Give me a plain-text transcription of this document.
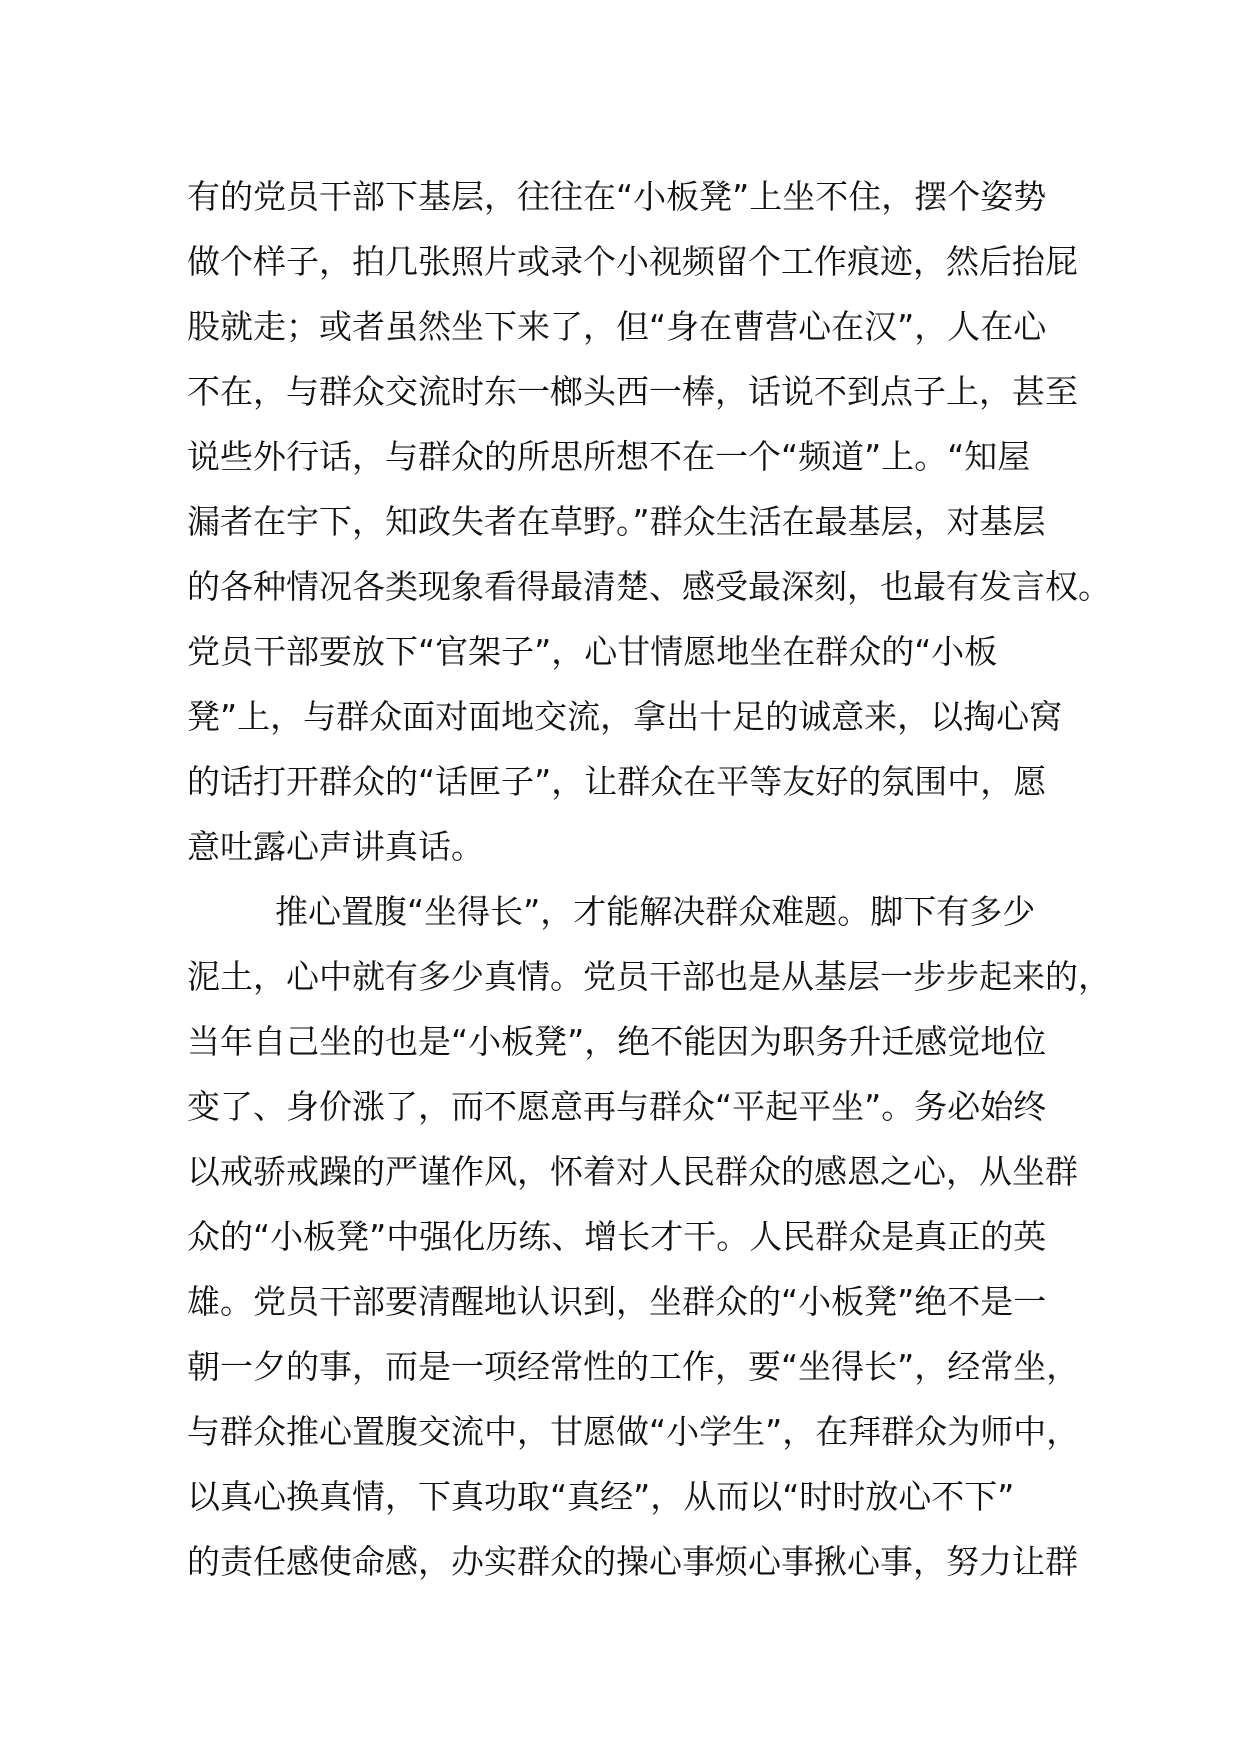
有的党员干部下基层，往往在“小板凳”上坐不住，摆个姿势
做个样子，拍几张照片或录个小视频留个工作痕迹，然后抬屁
股就走；或者虽然坐下来了，但“身在曹营心在汉”，人在心
不在，与群众交流时东一榔头西一棒，话说不到点子上，甚至
说些外行话，与群众的所思所想不在一个“频道”上。“知屋
漏者在宇下，知政失者在草野。”群众生活在最基层，对基层
的各种情况各类现象看得最清楚、感受最深刻，也最有发言权。
党员干部要放下“官架子”，心甘情愿地坐在群众的“小板
凳”上，与群众面对面地交流，拿出十足的诚意来，以掏心窝
的话打开群众的“话匣子”，让群众在平等友好的氛围中，愿
意吐露心声讲真话。
推心置腹“坐得长”，才能解决群众难题。脚下有多少
泥土，心中就有多少真情。党员干部也是从基层一步步起来的，
当年自己坐的也是“小板凳”，绝不能因为职务升迁感觉地位
变了、身价涨了，而不愿意再与群众“平起平坐”。务必始终
以戒骄戒躁的严谨作风，怀着对人民群众的感恩之心，从坐群
众的“小板凳”中强化历练、增长才干。人民群众是真正的英
雄。党员干部要清醒地认识到，坐群众的“小板凳”绝不是一
朝一夕的事，而是一项经常性的工作，要“坐得长”，经常坐，
与群众推心置腹交流中，甘愿做“小学生”，在拜群众为师中，
以真心换真情，下真功取“真经”，从而以“时时放心不下”
的责任感使命感，办实群众的操心事烦心事揪心事，努力让群
